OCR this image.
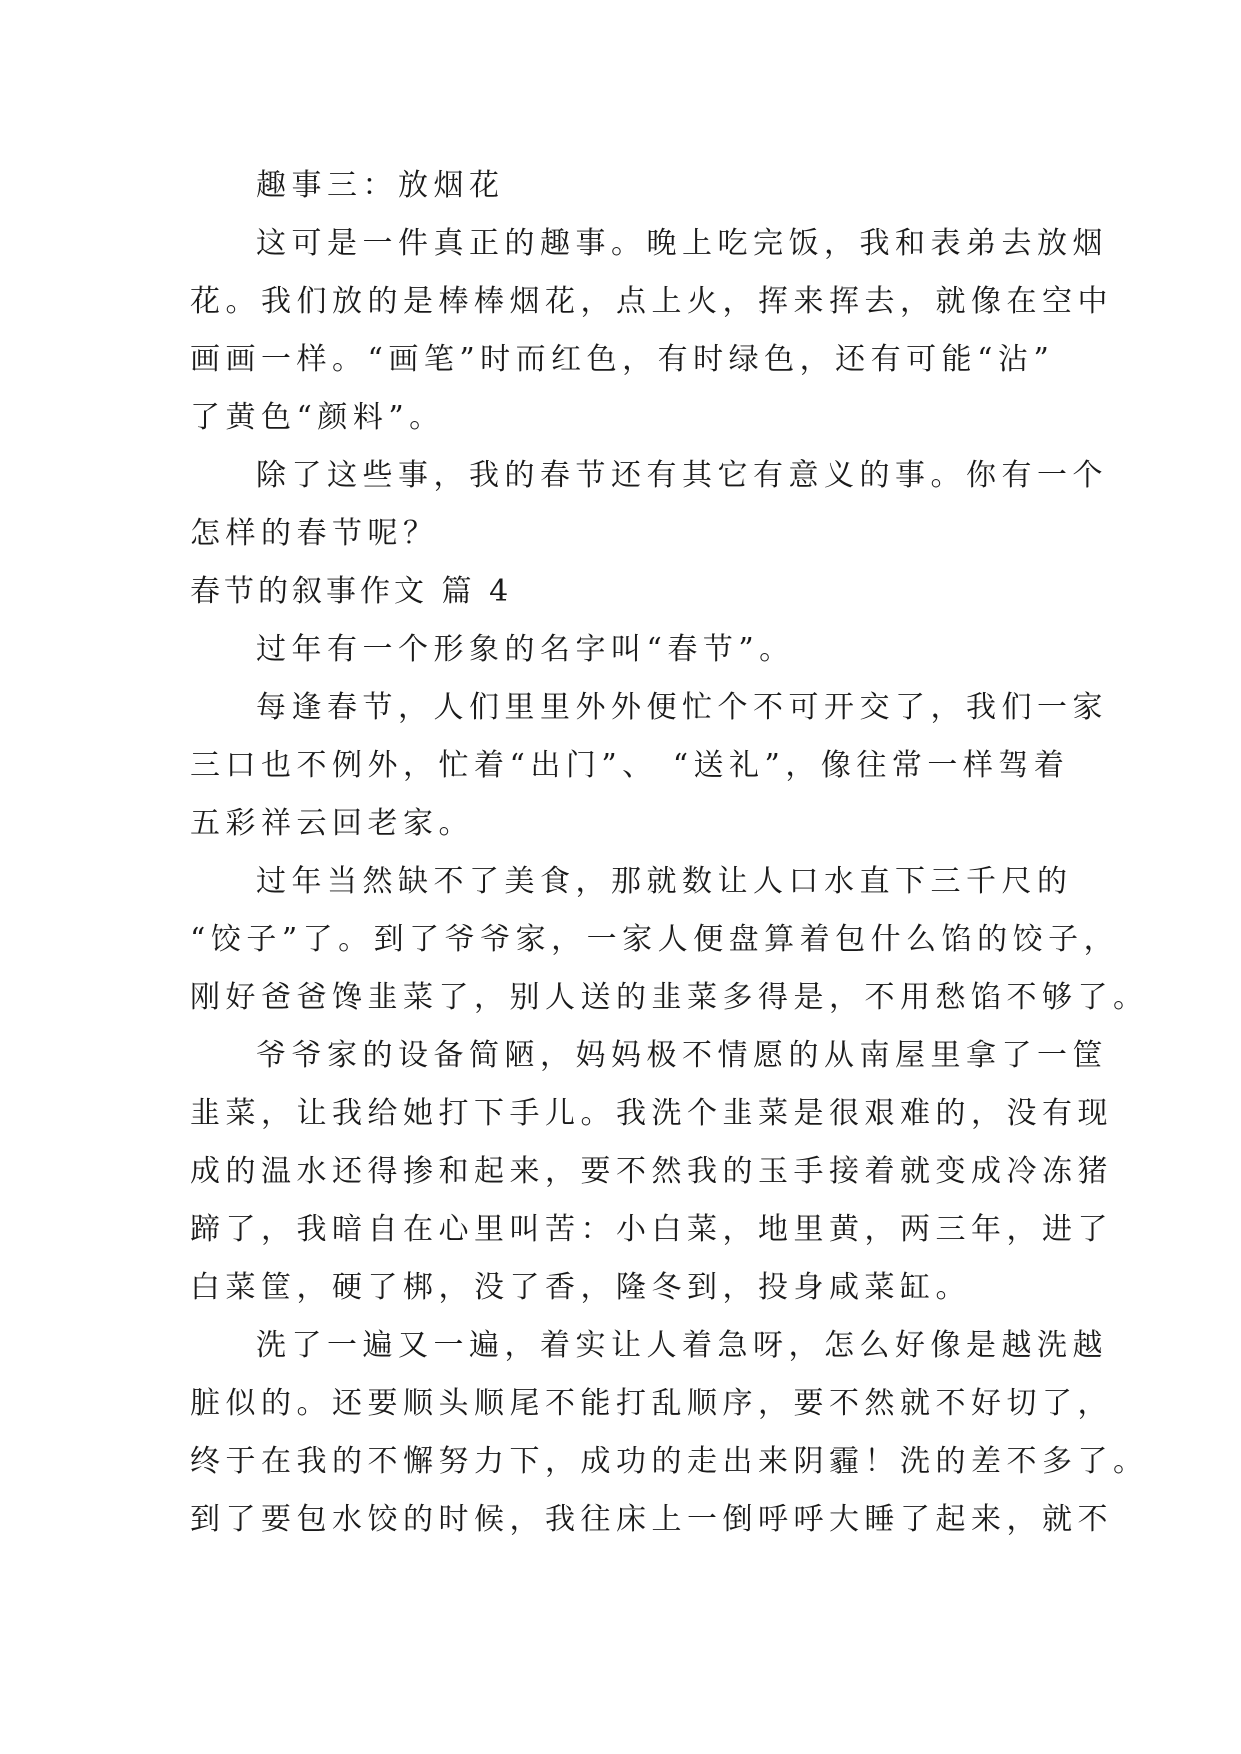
趣事三：放烟花
这可是一件真正的趣事。晚上吃完饭，我和表弟去放烟
花。我们放的是棒棒烟花，点上火，挥来挥去，就像在空中
画画一样。“画笔”时而红色，有时绿色，还有可能“沾”
了黄色“颜料”。
除了这些事，我的春节还有其它有意义的事。你有一个
怎样的春节呢？
春节的叙事作文 篇 4
过年有一个形象的名字叫“春节”。
每逢春节，人们里里外外便忙个不可开交了，我们一家
三口也不例外，忙着“出门”、 “送礼”，像往常一样驾着
五彩祥云回老家。
过年当然缺不了美食，那就数让人口水直下三千尺的
“饺子”了。到了爷爷家，一家人便盘算着包什么馅的饺子，
刚好爸爸馋韭菜了，别人送的韭菜多得是，不用愁馅不够了。
爷爷家的设备简陋，妈妈极不情愿的从南屋里拿了一筐
韭菜，让我给她打下手儿。我洗个韭菜是很艰难的，没有现
成的温水还得掺和起来，要不然我的玉手接着就变成冷冻猪
蹄了，我暗自在心里叫苦：小白菜，地里黄，两三年，进了
白菜筐，硬了梆，没了香，隆冬到，投身咸菜缸。
洗了一遍又一遍，着实让人着急呀，怎么好像是越洗越
脏似的。还要顺头顺尾不能打乱顺序，要不然就不好切了，
终于在我的不懈努力下，成功的走出来阴霾！洗的差不多了。
到了要包水饺的时候，我往床上一倒呼呼大睡了起来，就不
